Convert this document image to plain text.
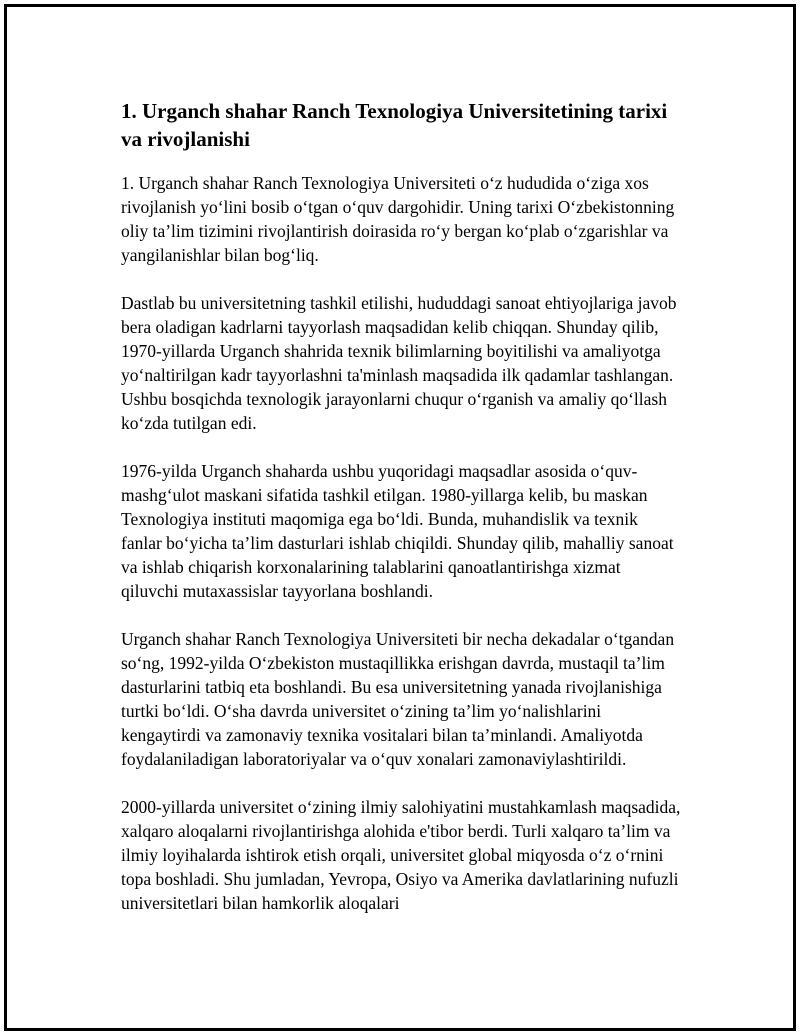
1. Urganch shahar Ranch Texnologiya Universitetining tarixi va rivojlanishi

1. Urganch shahar Ranch Texnologiya Universiteti o‘z hududida o‘ziga xos rivojlanish yo‘lini bosib o‘tgan o‘quv dargohidir. Uning tarixi O‘zbekistonning oliy ta’lim tizimini rivojlantirish doirasida ro‘y bergan ko‘plab o‘zgarishlar va yangilanishlar bilan bog‘liq.

Dastlab bu universitetning tashkil etilishi, hududdagi sanoat ehtiyojlariga javob bera oladigan kadrlarni tayyorlash maqsadidan kelib chiqqan. Shunday qilib, 1970-yillarda Urganch shahrida texnik bilimlarning boyitilishi va amaliyotga yo‘naltirilgan kadr tayyorlashni ta'minlash maqsadida ilk qadamlar tashlangan. Ushbu bosqichda texnologik jarayonlarni chuqur o‘rganish va amaliy qo‘llash ko‘zda tutilgan edi.

1976-yilda Urganch shaharda ushbu yuqoridagi maqsadlar asosida o‘quv-mashg‘ulot maskani sifatida tashkil etilgan. 1980-yillarga kelib, bu maskan Texnologiya instituti maqomiga ega bo‘ldi. Bunda, muhandislik va texnik fanlar bo‘yicha ta’lim dasturlari ishlab chiqildi. Shunday qilib, mahalliy sanoat va ishlab chiqarish korxonalarining talablarini qanoatlantirishga xizmat qiluvchi mutaxassislar tayyorlana boshlandi.

Urganch shahar Ranch Texnologiya Universiteti bir necha dekadalar o‘tgandan so‘ng, 1992-yilda O‘zbekiston mustaqillikka erishgan davrda, mustaqil ta’lim dasturlarini tatbiq eta boshlandi. Bu esa universitetning yanada rivojlanishiga turtki bo‘ldi. O‘sha davrda universitet o‘zining ta’lim yo‘nalishlarini kengaytirdi va zamonaviy texnika vositalari bilan ta’minlandi. Amaliyotda foydalaniladigan laboratoriyalar va o‘quv xonalari zamonaviylashtirildi.

2000-yillarda universitet o‘zining ilmiy salohiyatini mustahkamlash maqsadida, xalqaro aloqalarni rivojlantirishga alohida e'tibor berdi. Turli xalqaro ta’lim va ilmiy loyihalarda ishtirok etish orqali, universitet global miqyosda o‘z o‘rnini topa boshladi. Shu jumladan, Yevropa, Osiyo va Amerika davlatlarining nufuzli universitetlari bilan hamkorlik aloqalari
